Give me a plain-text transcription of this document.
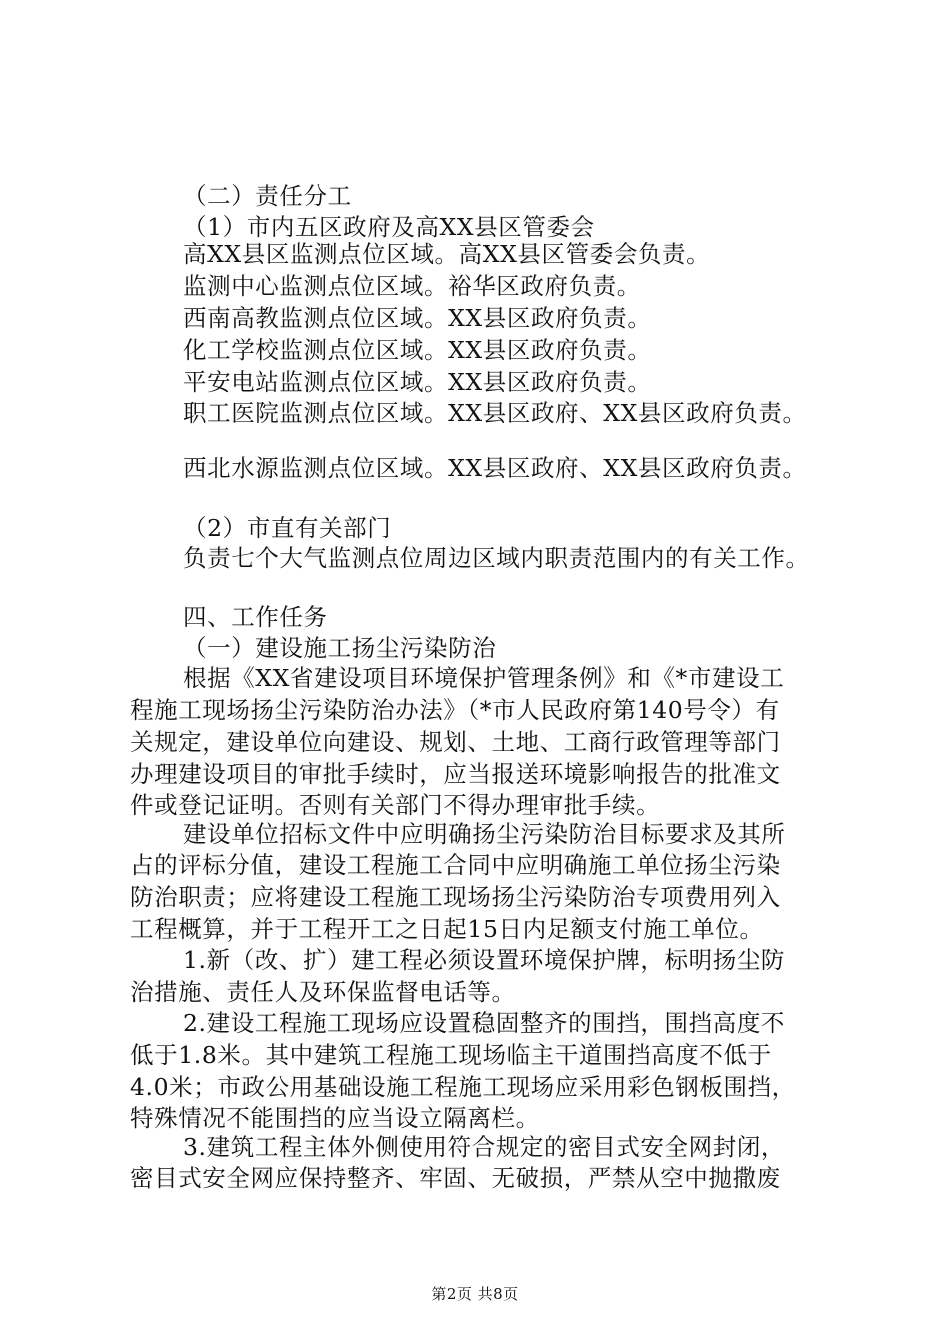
（二）责任分工
（1）市内五区政府及高XX县区管委会
高XX县区监测点位区域。高XX县区管委会负责。
监测中心监测点位区域。裕华区政府负责。
西南高教监测点位区域。XX县区政府负责。
化工学校监测点位区域。XX县区政府负责。
平安电站监测点位区域。XX县区政府负责。
职工医院监测点位区域。XX县区政府、XX县区政府负责。
西北水源监测点位区域。XX县区政府、XX县区政府负责。
（2）市直有关部门
负责七个大气监测点位周边区域内职责范围内的有关工作。
四、工作任务
（一）建设施工扬尘污染防治
根据《XX省建设项目环境保护管理条例》和《*市建设工
程施工现场扬尘污染防治办法》（*市人民政府第140号令）有
关规定，建设单位向建设、规划、土地、工商行政管理等部门
办理建设项目的审批手续时，应当报送环境影响报告的批准文
件或登记证明。否则有关部门不得办理审批手续。
建设单位招标文件中应明确扬尘污染防治目标要求及其所
占的评标分值，建设工程施工合同中应明确施工单位扬尘污染
防治职责；应将建设工程施工现场扬尘污染防治专项费用列入
工程概算，并于工程开工之日起15日内足额支付施工单位。
1.新（改、扩）建工程必须设置环境保护牌，标明扬尘防
治措施、责任人及环保监督电话等。
2.建设工程施工现场应设置稳固整齐的围挡，围挡高度不
低于1.8米。其中建筑工程施工现场临主干道围挡高度不低于
4.0米；市政公用基础设施工程施工现场应采用彩色钢板围挡，
特殊情况不能围挡的应当设立隔离栏。
3.建筑工程主体外侧使用符合规定的密目式安全网封闭，
密目式安全网应保持整齐、牢固、无破损，严禁从空中抛撒废
第2页 共8页
